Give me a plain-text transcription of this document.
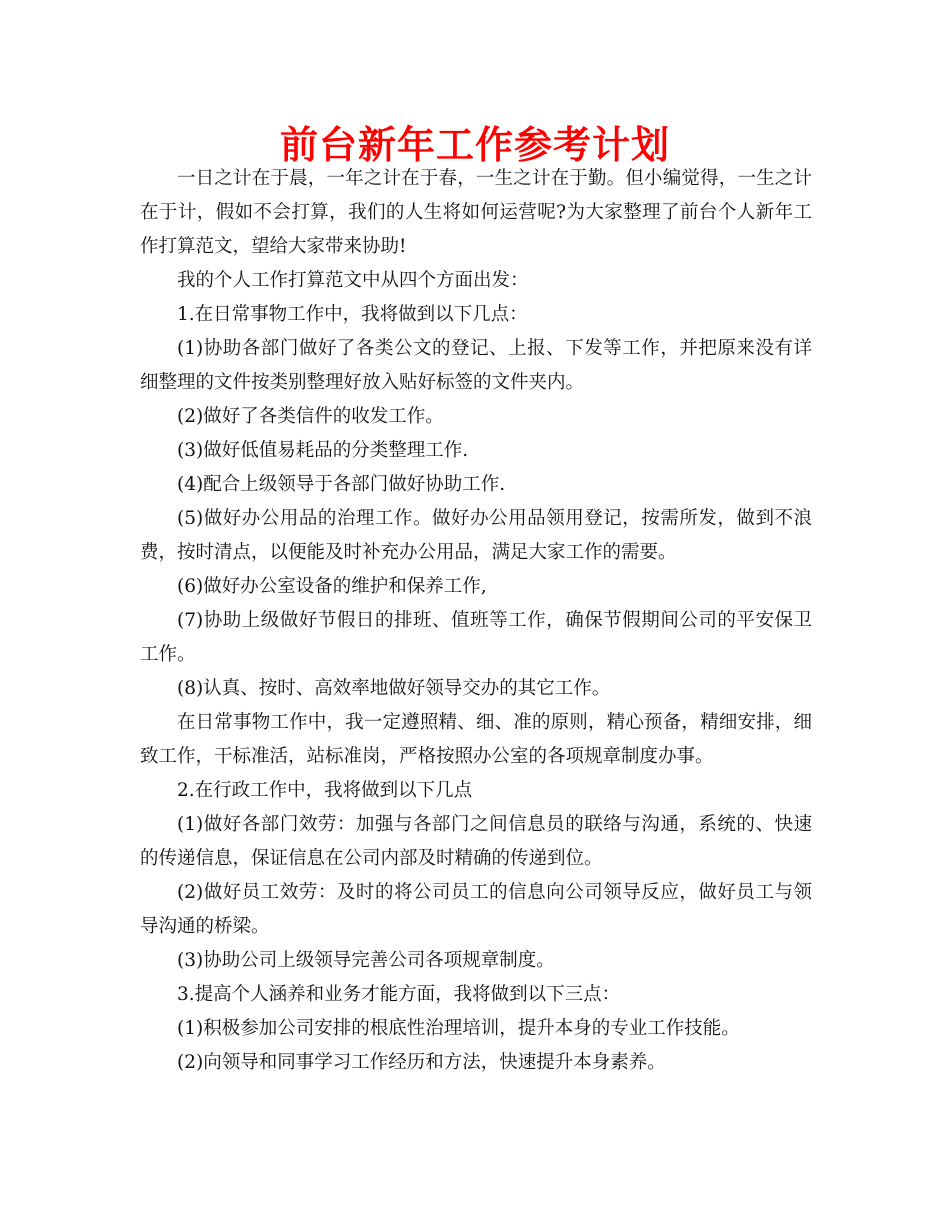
前台新年工作参考计划

一日之计在于晨，一年之计在于春，一生之计在于勤。但小编觉得，一生之计在于计，假如不会打算，我们的人生将如何运营呢?为大家整理了前台个人新年工作打算范文，望给大家带来协助!

我的个人工作打算范文中从四个方面出发：

1.在日常事物工作中，我将做到以下几点：

(1)协助各部门做好了各类公文的登记、上报、下发等工作，并把原来没有详细整理的文件按类别整理好放入贴好标签的文件夹内。

(2)做好了各类信件的收发工作。

(3)做好低值易耗品的分类整理工作.

(4)配合上级领导于各部门做好协助工作.

(5)做好办公用品的治理工作。做好办公用品领用登记，按需所发，做到不浪费，按时清点，以便能及时补充办公用品，满足大家工作的需要。

(6)做好办公室设备的维护和保养工作,

(7)协助上级做好节假日的排班、值班等工作，确保节假期间公司的平安保卫工作。

(8)认真、按时、高效率地做好领导交办的其它工作。

在日常事物工作中，我一定遵照精、细、准的原则，精心预备，精细安排，细致工作，干标准活，站标准岗，严格按照办公室的各项规章制度办事。

2.在行政工作中，我将做到以下几点

(1)做好各部门效劳：加强与各部门之间信息员的联络与沟通，系统的、快速的传递信息，保证信息在公司内部及时精确的传递到位。

(2)做好员工效劳：及时的将公司员工的信息向公司领导反应，做好员工与领导沟通的桥梁。

(3)协助公司上级领导完善公司各项规章制度。

3.提高个人涵养和业务才能方面，我将做到以下三点：

(1)积极参加公司安排的根底性治理培训，提升本身的专业工作技能。

(2)向领导和同事学习工作经历和方法，快速提升本身素养。
